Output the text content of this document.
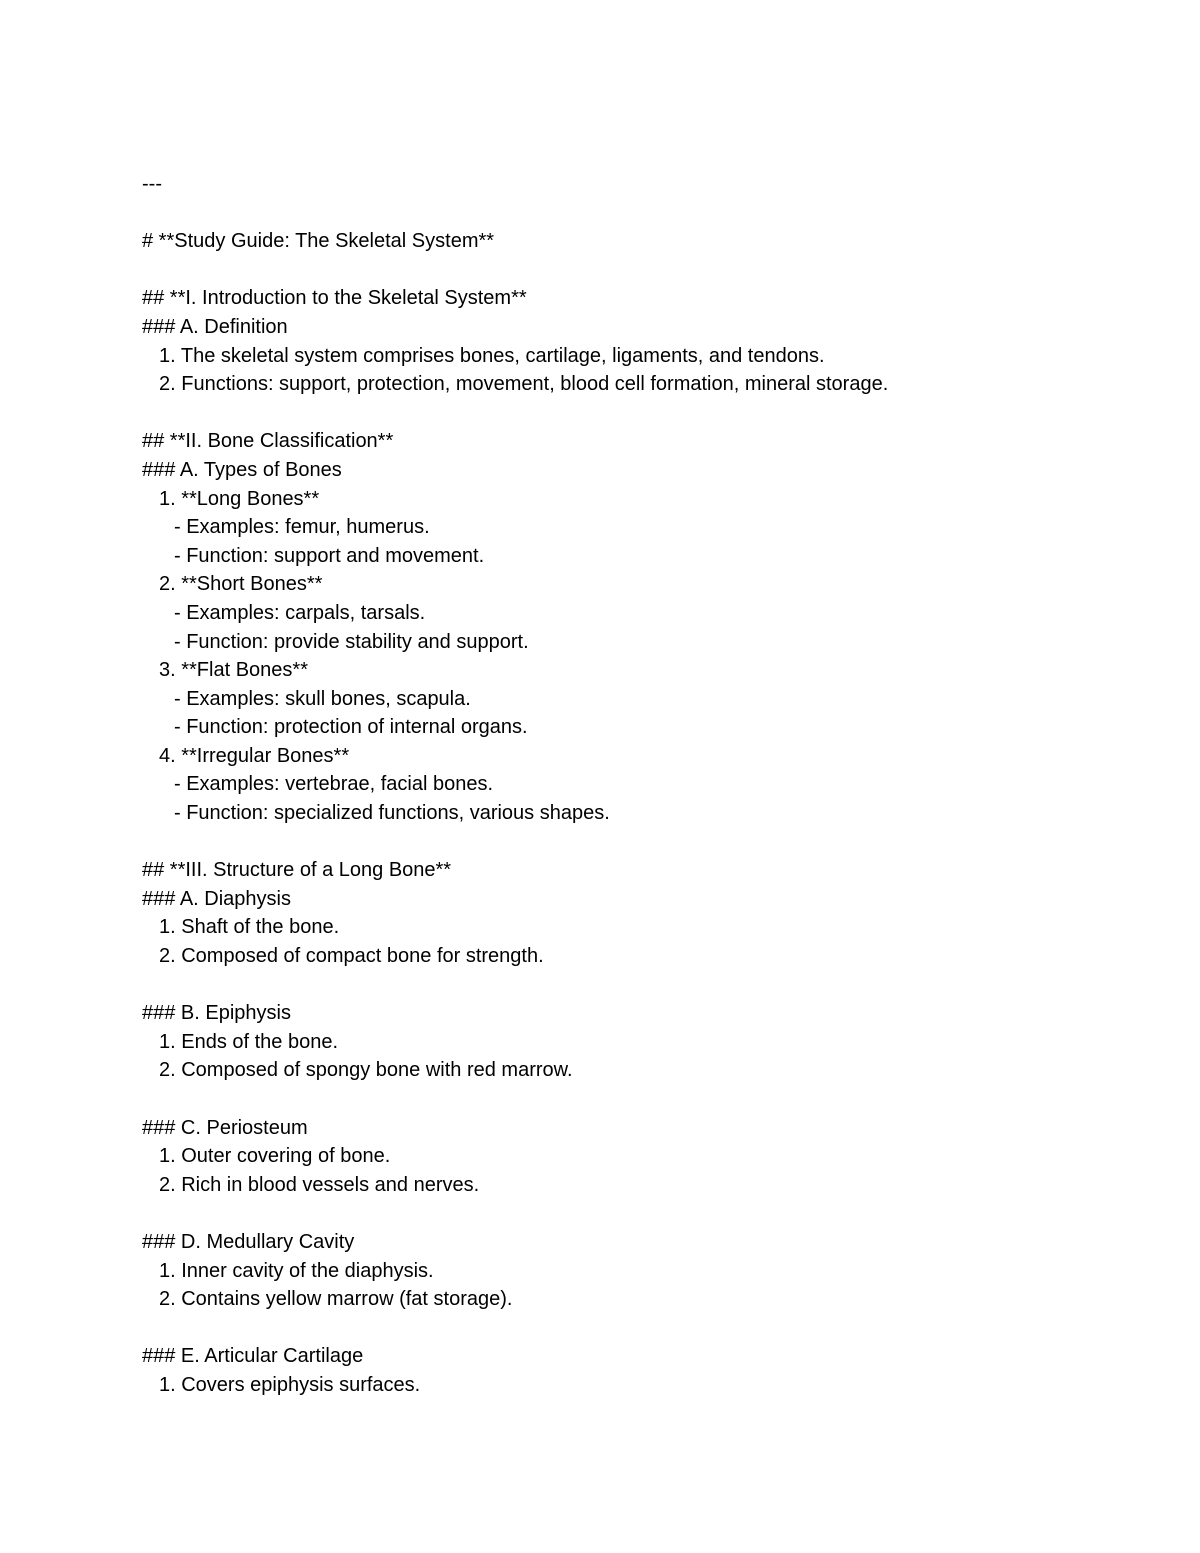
---
# **Study Guide: The Skeletal System**
## **I. Introduction to the Skeletal System**
### A. Definition
1. The skeletal system comprises bones, cartilage, ligaments, and tendons.
2. Functions: support, protection, movement, blood cell formation, mineral storage.
## **II. Bone Classification**
### A. Types of Bones
1. **Long Bones**
- Examples: femur, humerus.
- Function: support and movement.
2. **Short Bones**
- Examples: carpals, tarsals.
- Function: provide stability and support.
3. **Flat Bones**
- Examples: skull bones, scapula.
- Function: protection of internal organs.
4. **Irregular Bones**
- Examples: vertebrae, facial bones.
- Function: specialized functions, various shapes.
## **III. Structure of a Long Bone**
### A. Diaphysis
1. Shaft of the bone.
2. Composed of compact bone for strength.
### B. Epiphysis
1. Ends of the bone.
2. Composed of spongy bone with red marrow.
### C. Periosteum
1. Outer covering of bone.
2. Rich in blood vessels and nerves.
### D. Medullary Cavity
1. Inner cavity of the diaphysis.
2. Contains yellow marrow (fat storage).
### E. Articular Cartilage
1. Covers epiphysis surfaces.
